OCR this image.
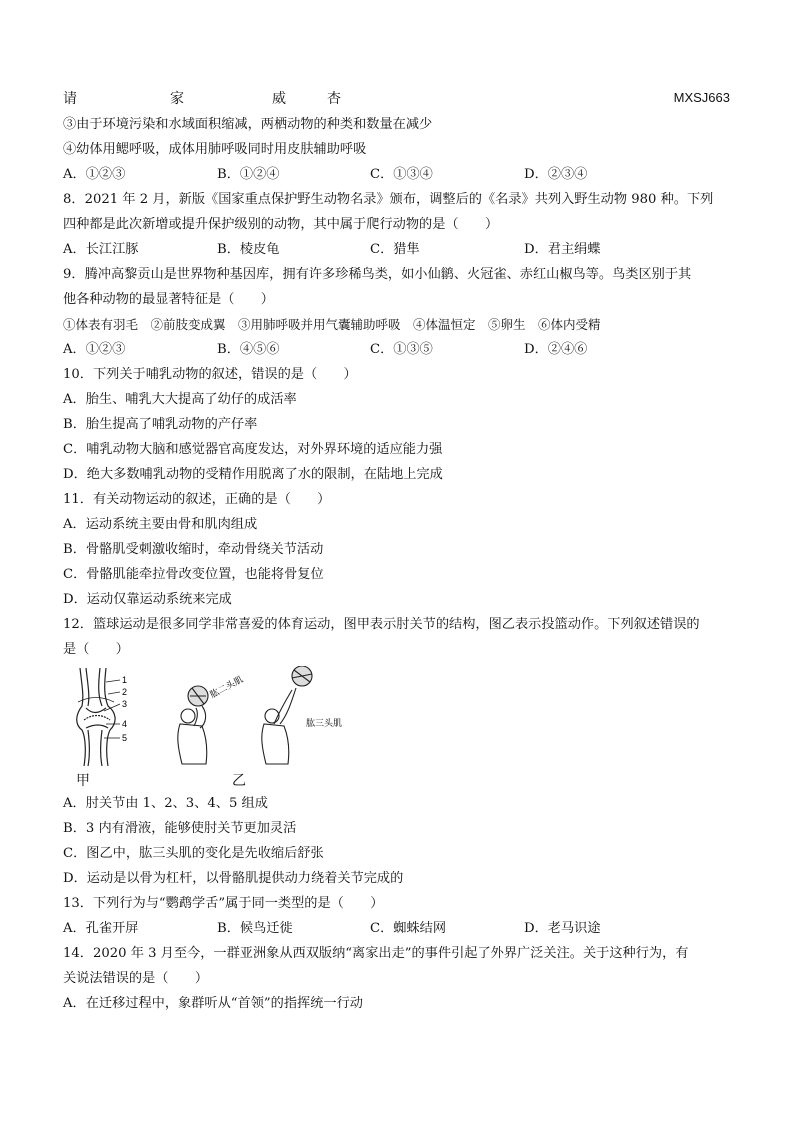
请	家	威	杏	MXSJ663
③由于环境污染和水域面积缩减，两栖动物的种类和数量在减少
④幼体用鳃呼吸，成体用肺呼吸同时用皮肤辅助呼吸
A．①②③	B．①②④	C．①③④	D．②③④
8．2021 年 2 月，新版《国家重点保护野生动物名录》颁布，调整后的《名录》共列入野生动物 980 种。下列
四种都是此次新增或提升保护级别的动物，其中属于爬行动物的是（　　）
A．长江江豚	B．棱皮龟	C．猎隼	D．君主绢蝶
9．腾冲高黎贡山是世界物种基因库，拥有许多珍稀鸟类，如小仙鹟、火冠雀、赤红山椒鸟等。鸟类区别于其
他各种动物的最显著特征是（　　）
①体表有羽毛　②前肢变成翼　③用肺呼吸并用气囊辅助呼吸　④体温恒定　⑤卵生　⑥体内受精
A．①②③	B．④⑤⑥	C．①③⑤	D．②④⑥
10．下列关于哺乳动物的叙述，错误的是（　　）
A．胎生、哺乳大大提高了幼仔的成活率
B．胎生提高了哺乳动物的产仔率
C．哺乳动物大脑和感觉器官高度发达，对外界环境的适应能力强
D．绝大多数哺乳动物的受精作用脱离了水的限制，在陆地上完成
11．有关动物运动的叙述，正确的是（　　）
A．运动系统主要由骨和肌肉组成
B．骨骼肌受刺激收缩时，牵动骨绕关节活动
C．骨骼肌能牵拉骨改变位置，也能将骨复位
D．运动仅靠运动系统来完成
12．篮球运动是很多同学非常喜爱的体育运动，图甲表示肘关节的结构，图乙表示投篮动作。下列叙述错误的
是（　　）
1
2
3
4
5
肱二头肌
肱三头肌
甲	乙
A．肘关节由 1、2、3、4、5 组成
B．3 内有滑液，能够使肘关节更加灵活
C．图乙中，肱三头肌的变化是先收缩后舒张
D．运动是以骨为杠杆，以骨骼肌提供动力绕着关节完成的
13．下列行为与“鹦鹉学舌”属于同一类型的是（　　）
A．孔雀开屏	B．候鸟迁徙	C．蜘蛛结网	D．老马识途
14．2020 年 3 月至今，一群亚洲象从西双版纳“离家出走”的事件引起了外界广泛关注。关于这种行为，有
关说法错误的是（　　）
A．在迁移过程中，象群听从“首领”的指挥统一行动
